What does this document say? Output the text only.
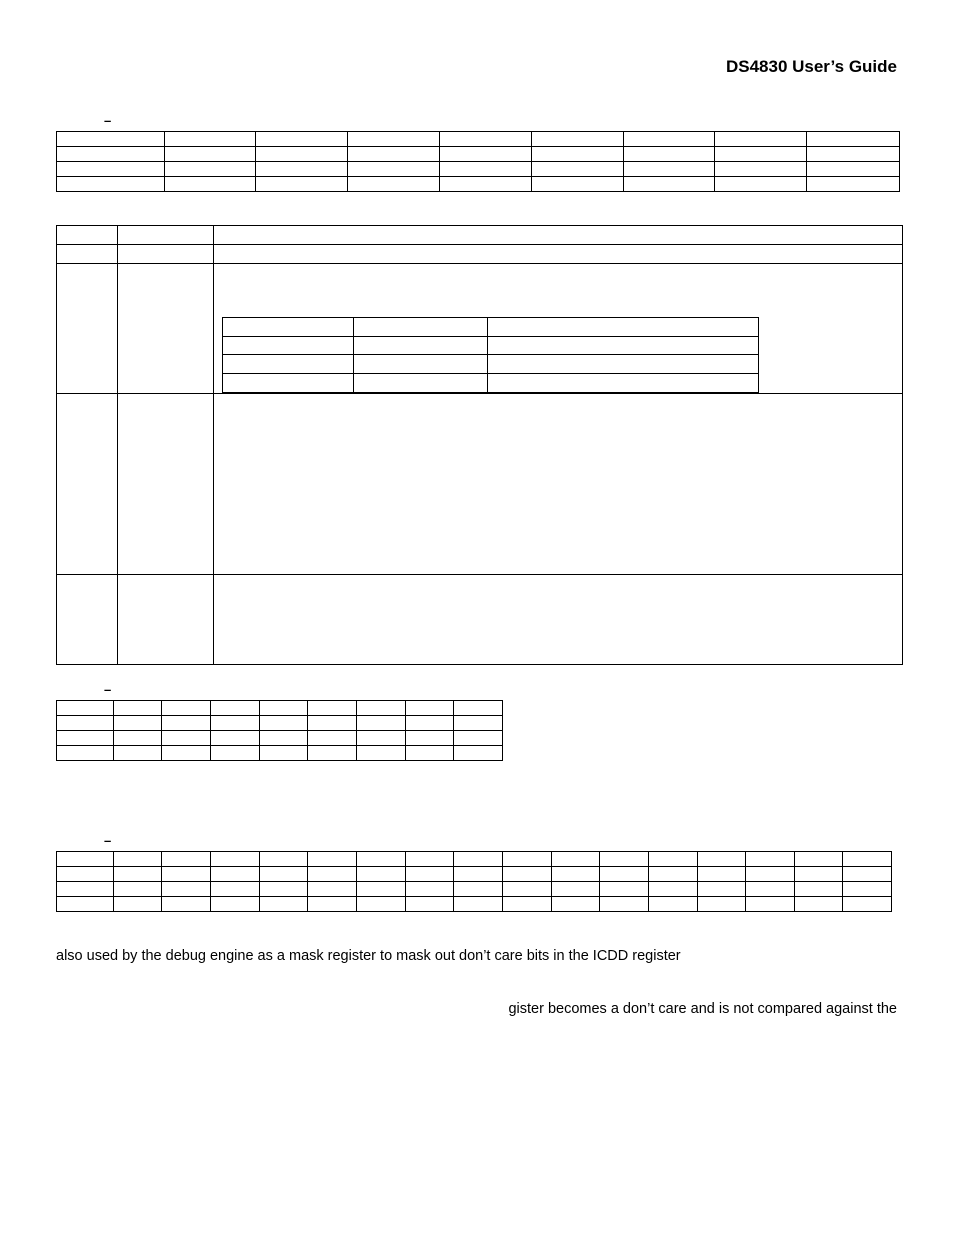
DS4830 User’s Guide
–

–

–

also used by the debug engine as a mask register to mask out don’t care bits in the ICDD register
gister becomes a don’t care and is not compared against the
